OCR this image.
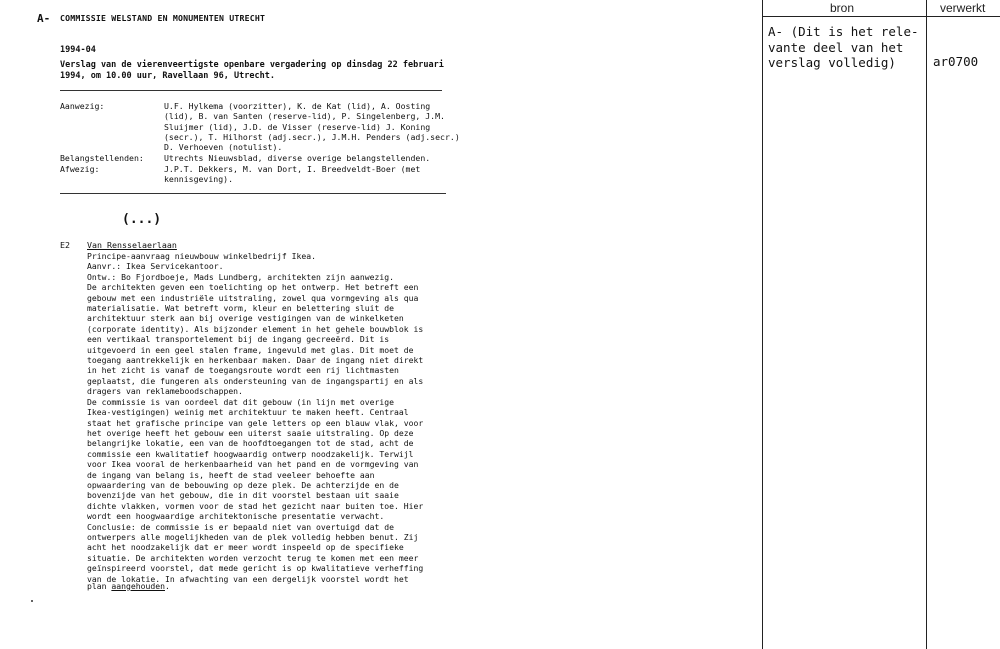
A- COMMISSIE WELSTAND EN MONUMENTEN UTRECHT
1994-04
Verslag van de vierenveertigste openbare vergadering op dinsdag 22 februari
1994, om 10.00 uur, Ravellaan 96, Utrecht.
Aanwezig:	U.F. Hylkema (voorzitter), K. de Kat (lid), A. Oosting
(lid), B. van Santen (reserve-lid), P. Singelenberg, J.M.
Sluijmer (lid), J.D. de Visser (reserve-lid) J. Koning
(secr.), T. Hilhorst (adj.secr.), J.M.H. Penders (adj.secr.)
D. Verhoeven (notulist).
Belangstellenden: Utrechts Nieuwsblad, diverse overige belangstellenden.
Afwezig:	J.P.T. Dekkers, M. van Dort, I. Breedveldt-Boer (met
kennisgeving).
(...)
E2 Van Rensselaerlaan
Principe-aanvraag nieuwbouw winkelbedrijf Ikea.
Aanvr.: Ikea Servicekantoor.
Ontw.: Bo Fjordboeje, Mads Lundberg, architekten zijn aanwezig.
De architekten geven een toelichting op het ontwerp. Het betreft een
gebouw met een industriële uitstraling, zowel qua vormgeving als qua
materialisatie. Wat betreft vorm, kleur en belettering sluit de
architektuur sterk aan bij overige vestigingen van de winkelketen
(corporate identity). Als bijzonder element in het gehele bouwblok is
een vertikaal transportelement bij de ingang gecreeërd. Dit is
uitgevoerd in een geel stalen frame, ingevuld met glas. Dit moet de
toegang aantrekkelijk en herkenbaar maken. Daar de ingang niet direkt
in het zicht is vanaf de toegangsroute wordt een rij lichtmasten
geplaatst, die fungeren als ondersteuning van de ingangspartij en als
dragers van reklameboodschappen.
De commissie is van oordeel dat dit gebouw (in lijn met overige
Ikea-vestigingen) weinig met architektuur te maken heeft. Centraal
staat het grafische principe van gele letters op een blauw vlak, voor
het overige heeft het gebouw een uiterst saaie uitstraling. Op deze
belangrijke lokatie, een van de hoofdtoegangen tot de stad, acht de
commissie een kwalitatief hoogwaardig ontwerp noodzakelijk. Terwijl
voor Ikea vooral de herkenbaarheid van het pand en de vormgeving van
de ingang van belang is, heeft de stad veeleer behoefte aan
opwaardering van de bebouwing op deze plek. De achterzijde en de
bovenzijde van het gebouw, die in dit voorstel bestaan uit saaie
dichte vlakken, vormen voor de stad het gezicht naar buiten toe. Hier
wordt een hoogwaardige architektonische presentatie verwacht.
Conclusie: de commissie is er bepaald niet van overtuigd dat de
ontwerpers alle mogelijkheden van de plek volledig hebben benut. Zij
acht het noodzakelijk dat er meer wordt inspeeld op de specifieke
situatie. De architekten worden verzocht terug te komen met een meer
geïnspireerd voorstel, dat mede gericht is op kwalitatieve verheffing
van de lokatie. In afwachting van een dergelijk voorstel wordt het
plan aangehouden.
bron	verwerkt
A- (Dit is het rele-
vante deel van het
verslag volledig)	ar0700
